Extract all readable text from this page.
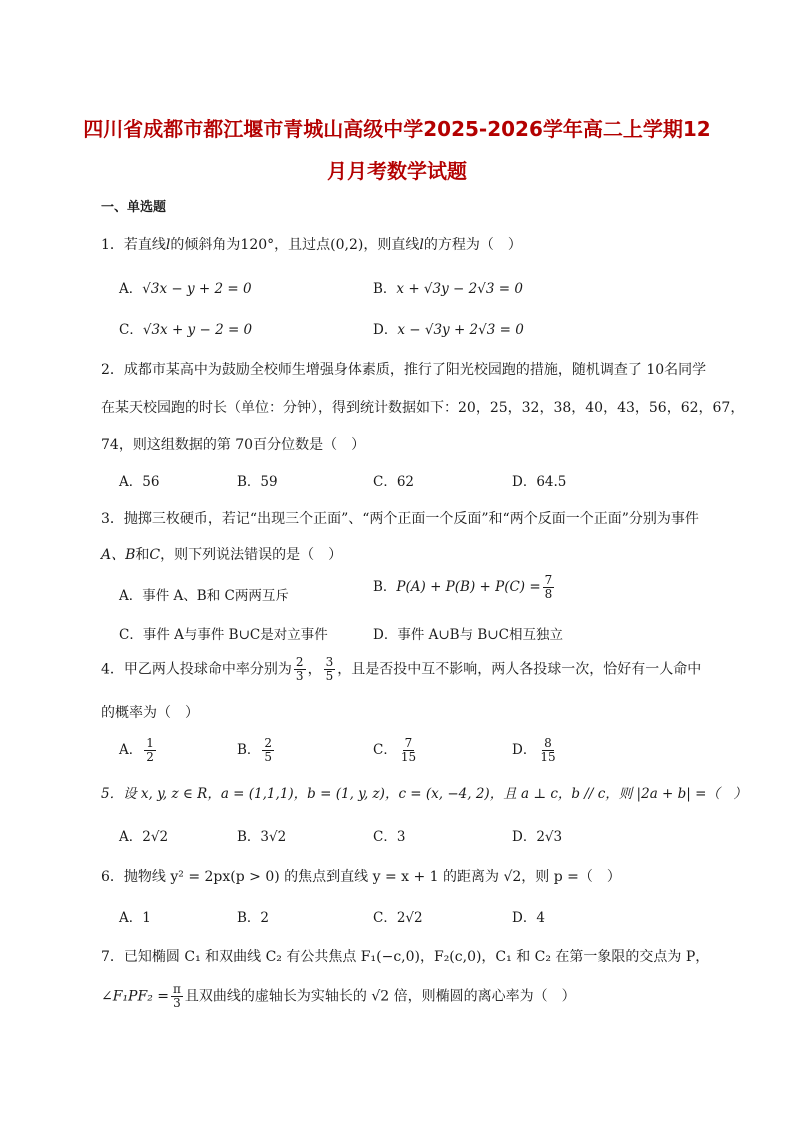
四川省成都市都江堰市青城山高级中学2025-2026学年高二上学期12
月月考数学试题
一、单选题
1．若直线l的倾斜角为120°，且过点(0,2)，则直线l的方程为（　）
A．√3x − y + 2 = 0	B．x + √3y − 2√3 = 0
C．√3x + y − 2 = 0	D．x − √3y + 2√3 = 0
2．成都市某高中为鼓励全校师生增强身体素质，推行了阳光校园跑的措施，随机调查了 10名同学
在某天校园跑的时长（单位：分钟），得到统计数据如下：20，25，32，38，40，43，56，62，67，
74，则这组数据的第 70百分位数是（　）
A．56	B．59	C．62	D．64.5
3．抛掷三枚硬币，若记“出现三个正面”、“两个正面一个反面”和“两个反面一个正面”分别为事件
A、B和C，则下列说法错误的是（　）
A．事件 A、B和 C两两互斥
B．$P(A) + P(B) + P(C) = \frac{7}{8}$
C．事件 A与事件 B∪C是对立事件	D．事件 A∪B与 B∪C相互独立
4．甲乙两人投球命中率分别为 $\frac{2}{3}$ ， $\frac{3}{5}$ ，且是否投中互不影响，两人各投球一次，恰好有一人命中
的概率为（　）
A． $\frac{1}{2}$	B． $\frac{2}{5}$	C． $\frac{7}{15}$	D． $\frac{8}{15}$
5．设 x, y, z ∈ R，a = (1,1,1)，b = (1, y, z)，c = (x, −4, 2)，且 a ⊥ c，b // c，则 |2a + b| =（　）
A．2√2	B．3√2	C．3	D．2√3
6．抛物线 y² = 2px(p > 0) 的焦点到直线 y = x + 1 的距离为 √2，则 p =（　）
A．1	B．2	C．2√2	D．4
7．已知椭圆 C₁ 和双曲线 C₂ 有公共焦点 F₁(−c,0)，F₂(c,0)，C₁ 和 C₂ 在第一象限的交点为 P，
∠F₁PF₂ = $\frac{\pi}{3}$ 且双曲线的虚轴长为实轴长的 √2 倍，则椭圆的离心率为（　）
